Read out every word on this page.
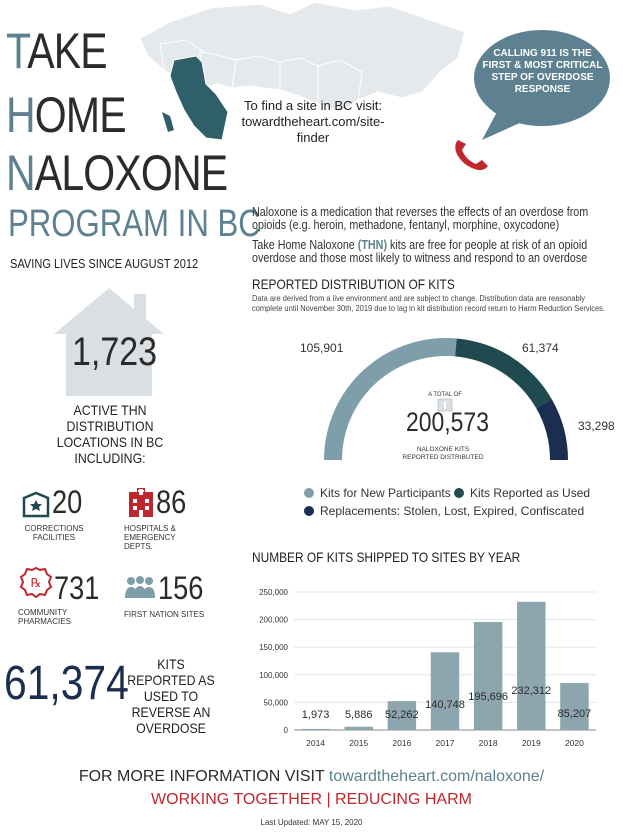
TAKE
HOME
NALOXONE
PROGRAM IN BC
SAVING LIVES SINCE AUGUST 2012
To find a site in BC visit:
towardtheheart.com/site-finder
CALLING 911 IS THE FIRST & MOST CRITICAL STEP OF OVERDOSE RESPONSE
Naloxone is a medication that reverses the effects of an overdose from opioids (e.g. heroin, methadone, fentanyl, morphine, oxycodone)
Take Home Naloxone (THN) kits are free for people at risk of an opioid overdose and those most likely to witness and respond to an overdose
1,723
ACTIVE THN DISTRIBUTION LOCATIONS IN BC INCLUDING:
20
CORRECTIONS FACILITIES
86
HOSPITALS & EMERGENCY DEPTS.
℞ 731
COMMUNITY PHARMACIES
156
FIRST NATION SITES
61,374	KITS REPORTED AS USED TO REVERSE AN OVERDOSE
REPORTED DISTRIBUTION OF KITS
Data are derived from a live environment and are subject to change. Distribution data are reasonably complete until November 30th, 2019 due to lag in kit distribution record return to Harm Reduction Services.
105,901	61,374
33,298
A TOTAL OF
200,573
NALOXONE KITS REPORTED DISTRIBUTED
Kits for New Participants Kits Reported as Used
Replacements: Stolen, Lost, Expired, Confiscated
NUMBER OF KITS SHIPPED TO SITES BY YEAR
0
50,000
100,000
150,000
200,000
250,000
2014
1,973
2015
5,886
2016
52,262
2017
140,748
2018
195,696
2019
232,312
2020
85,207
FOR MORE INFORMATION VISIT towardtheheart.com/naloxone/
WORKING TOGETHER | REDUCING HARM
Last Updated: MAY 15, 2020
